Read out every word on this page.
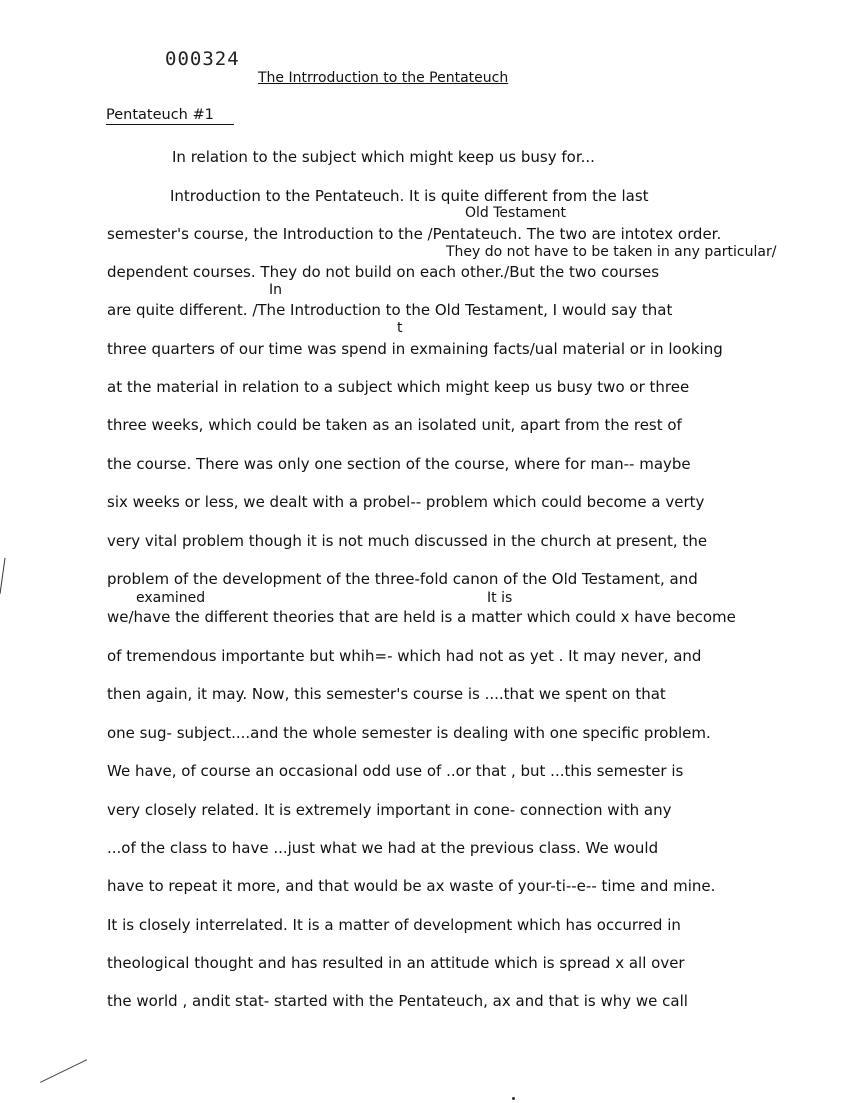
000324
The Intrroduction to the Pentateuch
Pentateuch #1
Old Testament
They do not have to be taken in any particular/
In
t
examined	It is
In relation to the subject which might keep us busy for...
Introduction to the Pentateuch. It is quite different from the last
semester's course, the Introduction to the /Pentateuch. The two are intotex order.
dependent courses. They do not build on each other./But the two courses
are quite different. /The Introduction to the Old Testament, I would say that
three quarters of our time was spend in exmaining facts/ual material or in looking
at the material in relation to a subject which might keep us busy two or three
three weeks, which could be taken as an isolated unit, apart from the rest of
the course. There was only one section of the course, where for man-- maybe
six weeks or less, we dealt with a probel-- problem which could become a verty
very vital problem though it is not much discussed in the church at present, the
problem of the development of the three-fold canon of the Old Testament, and
we/have the different theories that are held is a matter which could x have become
of tremendous importante but whih=- which had not as yet . It may never, and
then again, it may. Now, this semester's course is ....that we spent on that
one sug- subject....and the whole semester is dealing with one specific problem.
We have, of course an occasional odd use of ..or that , but ...this semester is
very closely related. It is extremely important in cone- connection with any
...of the class to have ...just what we had at the previous class. We would
have to repeat it more, and that would be ax waste of your-ti--e-- time and mine.
It is closely interrelated. It is a matter of development which has occurred in
theological thought and has resulted in an attitude which is spread x all over
the world , andit stat- started with the Pentateuch, ax and that is why we call
